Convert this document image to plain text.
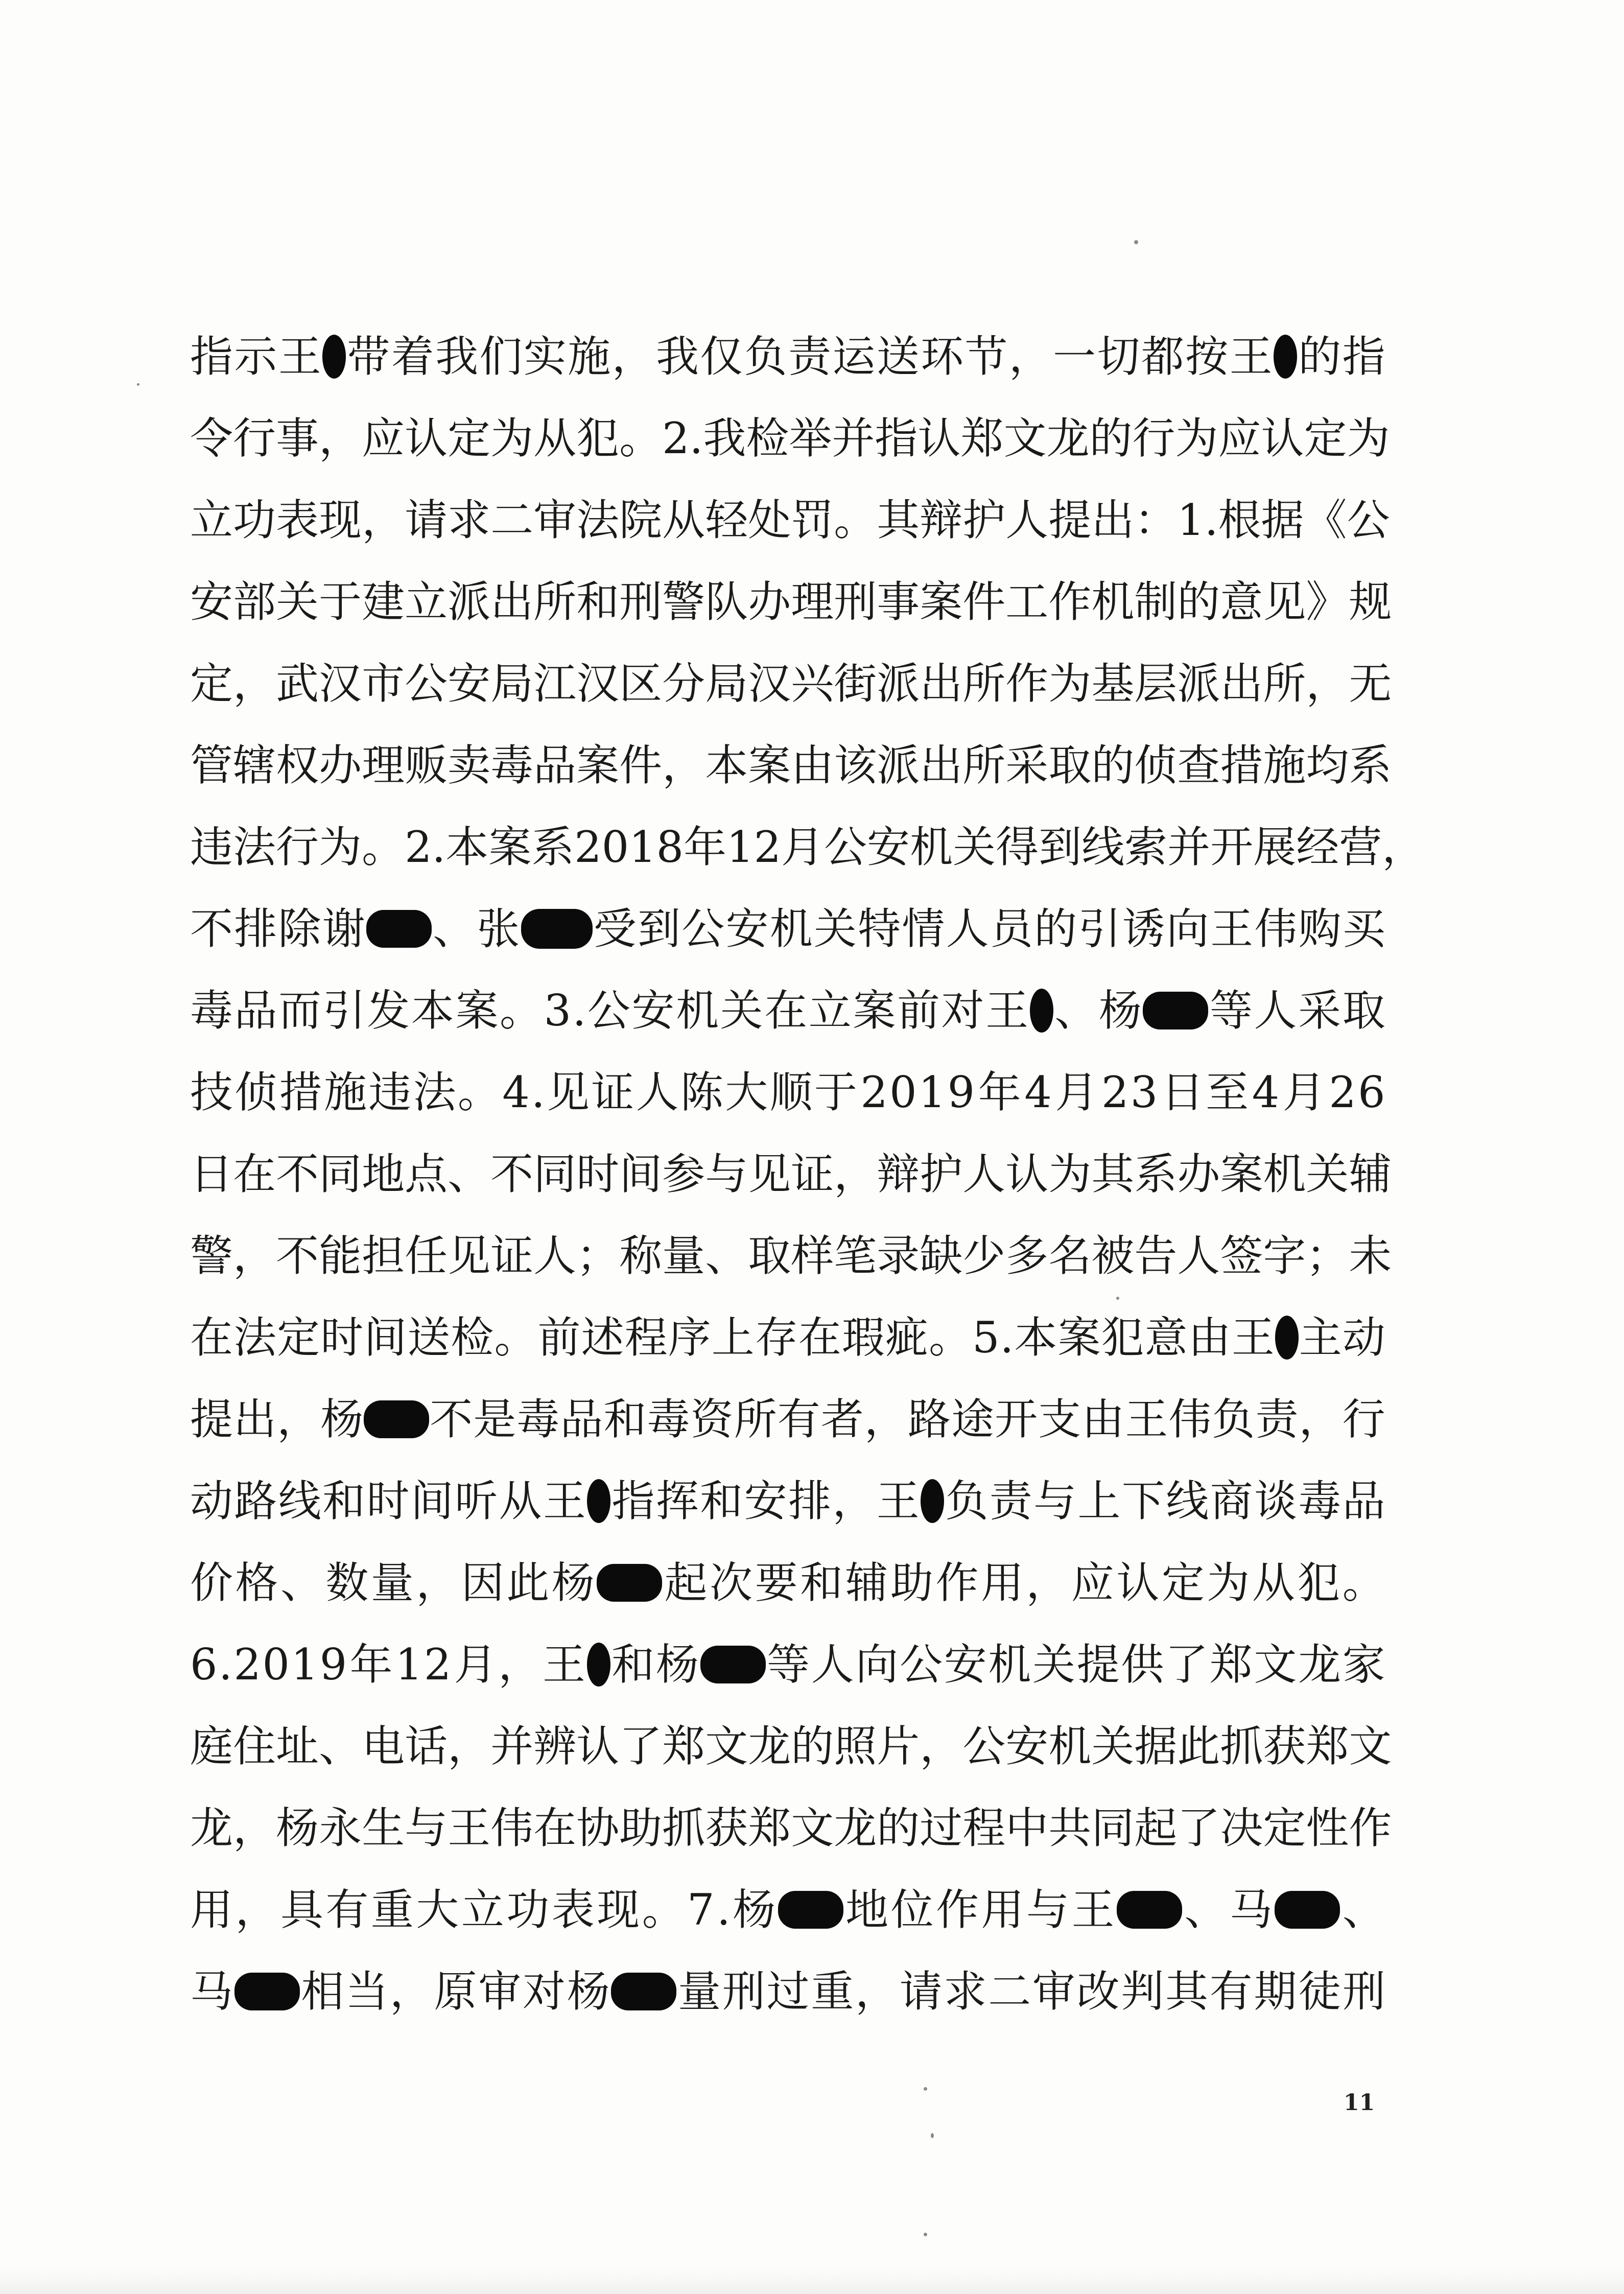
指 示 王 带 着 我 们 实 施 ， 我 仅 负 责 运 送 环 节 ， 一 切 都 按 王 的 指
令 行 事 ， 应 认 定 为 从 犯 。 2 . 我 检 举 并 指 认 郑 文 龙 的 行 为 应 认 定 为
立 功 表 现 ， 请 求 二 审 法 院 从 轻 处 罚 。 其 辩 护 人 提 出 ： 1 . 根 据 《 公
安 部 关 于 建 立 派 出 所 和 刑 警 队 办 理 刑 事 案 件 工 作 机 制 的 意 见 》 规
定 ， 武 汉 市 公 安 局 江 汉 区 分 局 汉 兴 街 派 出 所 作 为 基 层 派 出 所 ， 无
管 辖 权 办 理 贩 卖 毒 品 案 件 ， 本 案 由 该 派 出 所 采 取 的 侦 查 措 施 均 系
违 法 行 为 。 2 . 本 案 系 2 0 1 8 年 1 2 月 公 安 机 关 得 到 线 索 并 开 展 经 营 ，
不 排 除 谢 、 张 受 到 公 安 机 关 特 情 人 员 的 引 诱 向 王 伟 购 买
毒 品 而 引 发 本 案 。 3 . 公 安 机 关 在 立 案 前 对 王 、 杨 等 人 采 取
技 侦 措 施 违 法 。 4 . 见 证 人 陈 大 顺 于 2 0 1 9 年 4 月 2 3 日 至 4 月 2 6
日 在 不 同 地 点 、 不 同 时 间 参 与 见 证 ， 辩 护 人 认 为 其 系 办 案 机 关 辅
警 ， 不 能 担 任 见 证 人 ； 称 量 、 取 样 笔 录 缺 少 多 名 被 告 人 签 字 ； 未
在 法 定 时 间 送 检 。 前 述 程 序 上 存 在 瑕 疵 。 5 . 本 案 犯 意 由 王 主 动
提 出 ， 杨 不 是 毒 品 和 毒 资 所 有 者 ， 路 途 开 支 由 王 伟 负 责 ， 行
动 路 线 和 时 间 听 从 王 指 挥 和 安 排 ， 王 负 责 与 上 下 线 商 谈 毒 品
价 格 、 数 量 ， 因 此 杨 起 次 要 和 辅 助 作 用 ， 应 认 定 为 从 犯 。
6 . 2 0 1 9 年 1 2 月 ， 王 和 杨 等 人 向 公 安 机 关 提 供 了 郑 文 龙 家
庭 住 址 、 电 话 ， 并 辨 认 了 郑 文 龙 的 照 片 ， 公 安 机 关 据 此 抓 获 郑 文
龙 ， 杨 永 生 与 王 伟 在 协 助 抓 获 郑 文 龙 的 过 程 中 共 同 起 了 决 定 性 作
用 ， 具 有 重 大 立 功 表 现 。 7 . 杨 地 位 作 用 与 王 、 马 、
马 相 当 ， 原 审 对 杨 量 刑 过 重 ， 请 求 二 审 改 判 其 有 期 徒 刑
11
